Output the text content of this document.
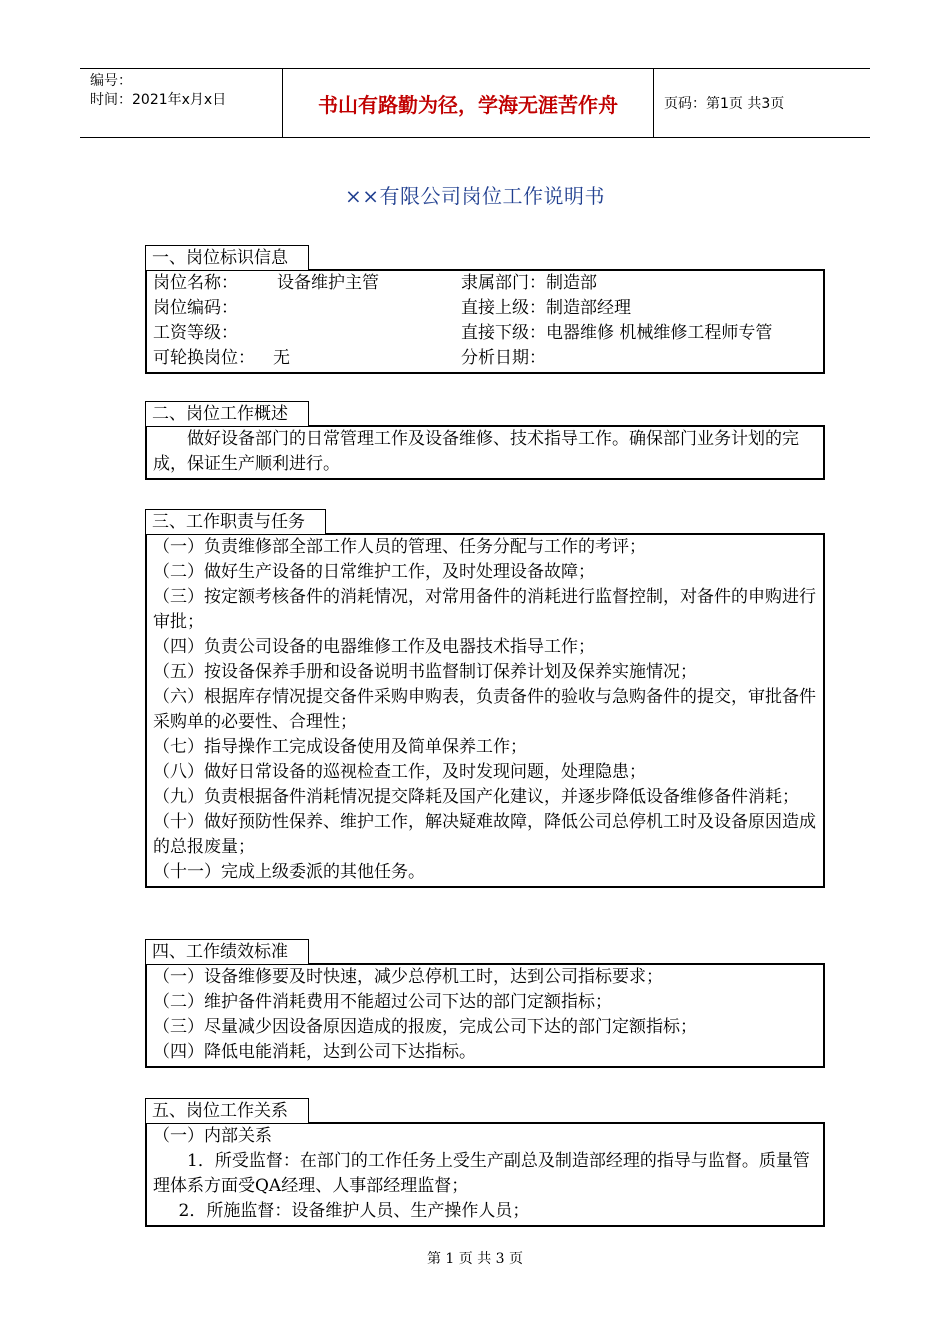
编号：
时间：2021年x月x日	书山有路勤为径，学海无涯苦作舟	页码：第1页 共3页
××有限公司岗位工作说明书
一、岗位标识信息
岗位名称：	设备维护主管	隶属部门：制造部
岗位编码：	直接上级：制造部经理
工资等级：	直接下级：电器维修 机械维修工程师专管
可轮换岗位：	无	分析日期：
二、岗位工作概述

做好设备部门的日常管理工作及设备维修、技术指导工作。确保部门业务计划的完成，保证生产顺利进行。

三、工作职责与任务

（一）负责维修部全部工作人员的管理、任务分配与工作的考评；

（二）做好生产设备的日常维护工作，及时处理设备故障；

（三）按定额考核备件的消耗情况，对常用备件的消耗进行监督控制，对备件的申购进行审批；

（四）负责公司设备的电器维修工作及电器技术指导工作；

（五）按设备保养手册和设备说明书监督制订保养计划及保养实施情况；

（六）根据库存情况提交备件采购申购表，负责备件的验收与急购备件的提交，审批备件采购单的必要性、合理性；

（七）指导操作工完成设备使用及简单保养工作；

（八）做好日常设备的巡视检查工作，及时发现问题，处理隐患；

（九）负责根据备件消耗情况提交降耗及国产化建议，并逐步降低设备维修备件消耗；

（十）做好预防性保养、维护工作，解决疑难故障，降低公司总停机工时及设备原因造成的总报废量；

（十一）完成上级委派的其他任务。

四、工作绩效标准

（一）设备维修要及时快速，减少总停机工时，达到公司指标要求；

（二）维护备件消耗费用不能超过公司下达的部门定额指标；

（三）尽量减少因设备原因造成的报废，完成公司下达的部门定额指标；

（四）降低电能消耗，达到公司下达指标。

五、岗位工作关系

（一）内部关系

1．所受监督：在部门的工作任务上受生产副总及制造部经理的指导与监督。质量管理体系方面受QA经理、人事部经理监督；

2．所施监督：设备维护人员、生产操作人员；

第 1 页 共 3 页
